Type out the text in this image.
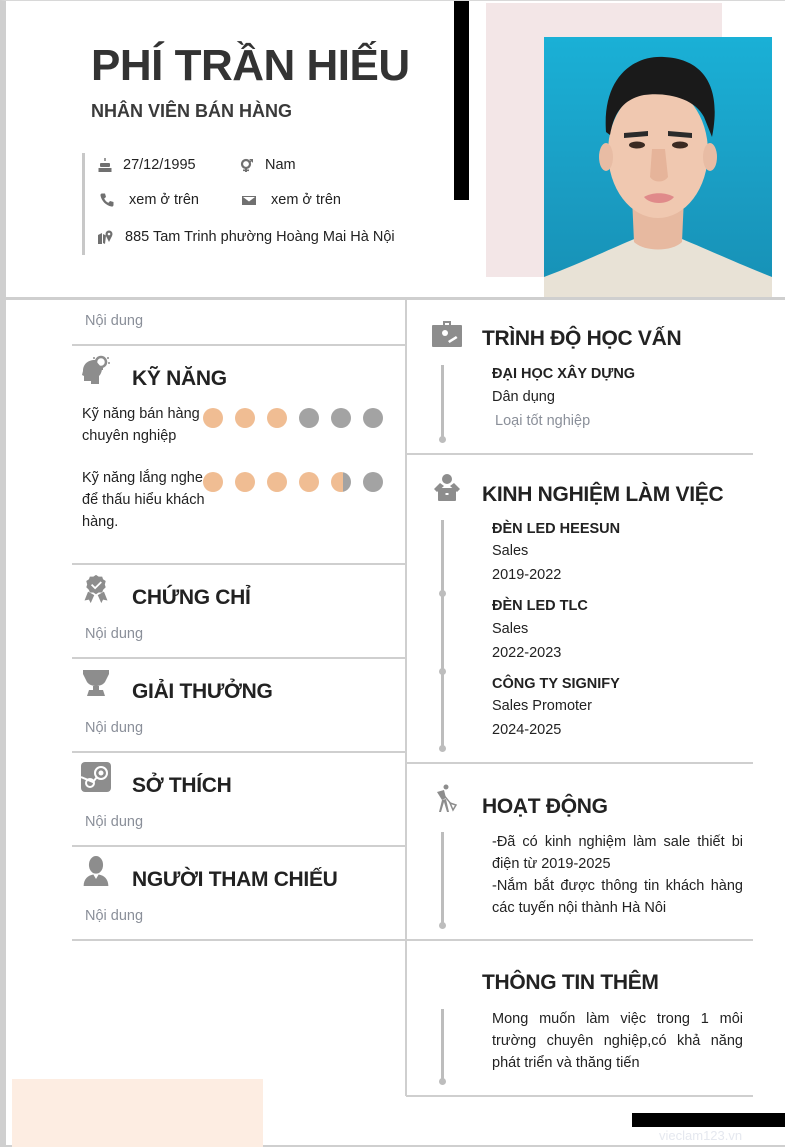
PHÍ TRẦN HIẾU
NHÂN VIÊN BÁN HÀNG
27/12/1995	Nam
xem ở trên	xem ở trên
885 Tam Trinh phường Hoàng Mai Hà Nội
Nội dung
KỸ NĂNG
Kỹ năng bán hàng chuyên nghiệp
Kỹ năng lắng nghe để thấu hiểu khách hàng.
CHỨNG CHỈ
Nội dung
GIẢI THƯỞNG
Nội dung
SỞ THÍCH
Nội dung
NGƯỜI THAM CHIẾU
Nội dung
TRÌNH ĐỘ HỌC VẤN
ĐẠI HỌC XÂY DỰNG
Dân dụng
Loại tốt nghiệp
KINH NGHIỆM LÀM VIỆC
ĐÈN LED HEESUN
Sales
2019-2022
ĐÈN LED TLC
Sales
2022-2023
CÔNG TY SIGNIFY
Sales Promoter
2024-2025
HOẠT ĐỘNG
-Đã có kinh nghiệm làm sale thiết bi điện từ 2019-2025
-Nắm bắt được thông tin khách hàng các tuyến nội thành Hà Nôi
THÔNG TIN THÊM
Mong muốn làm việc trong 1 môi trường chuyên nghiệp,có khả năng phát triển và thăng tiến
vieclam123.vn
